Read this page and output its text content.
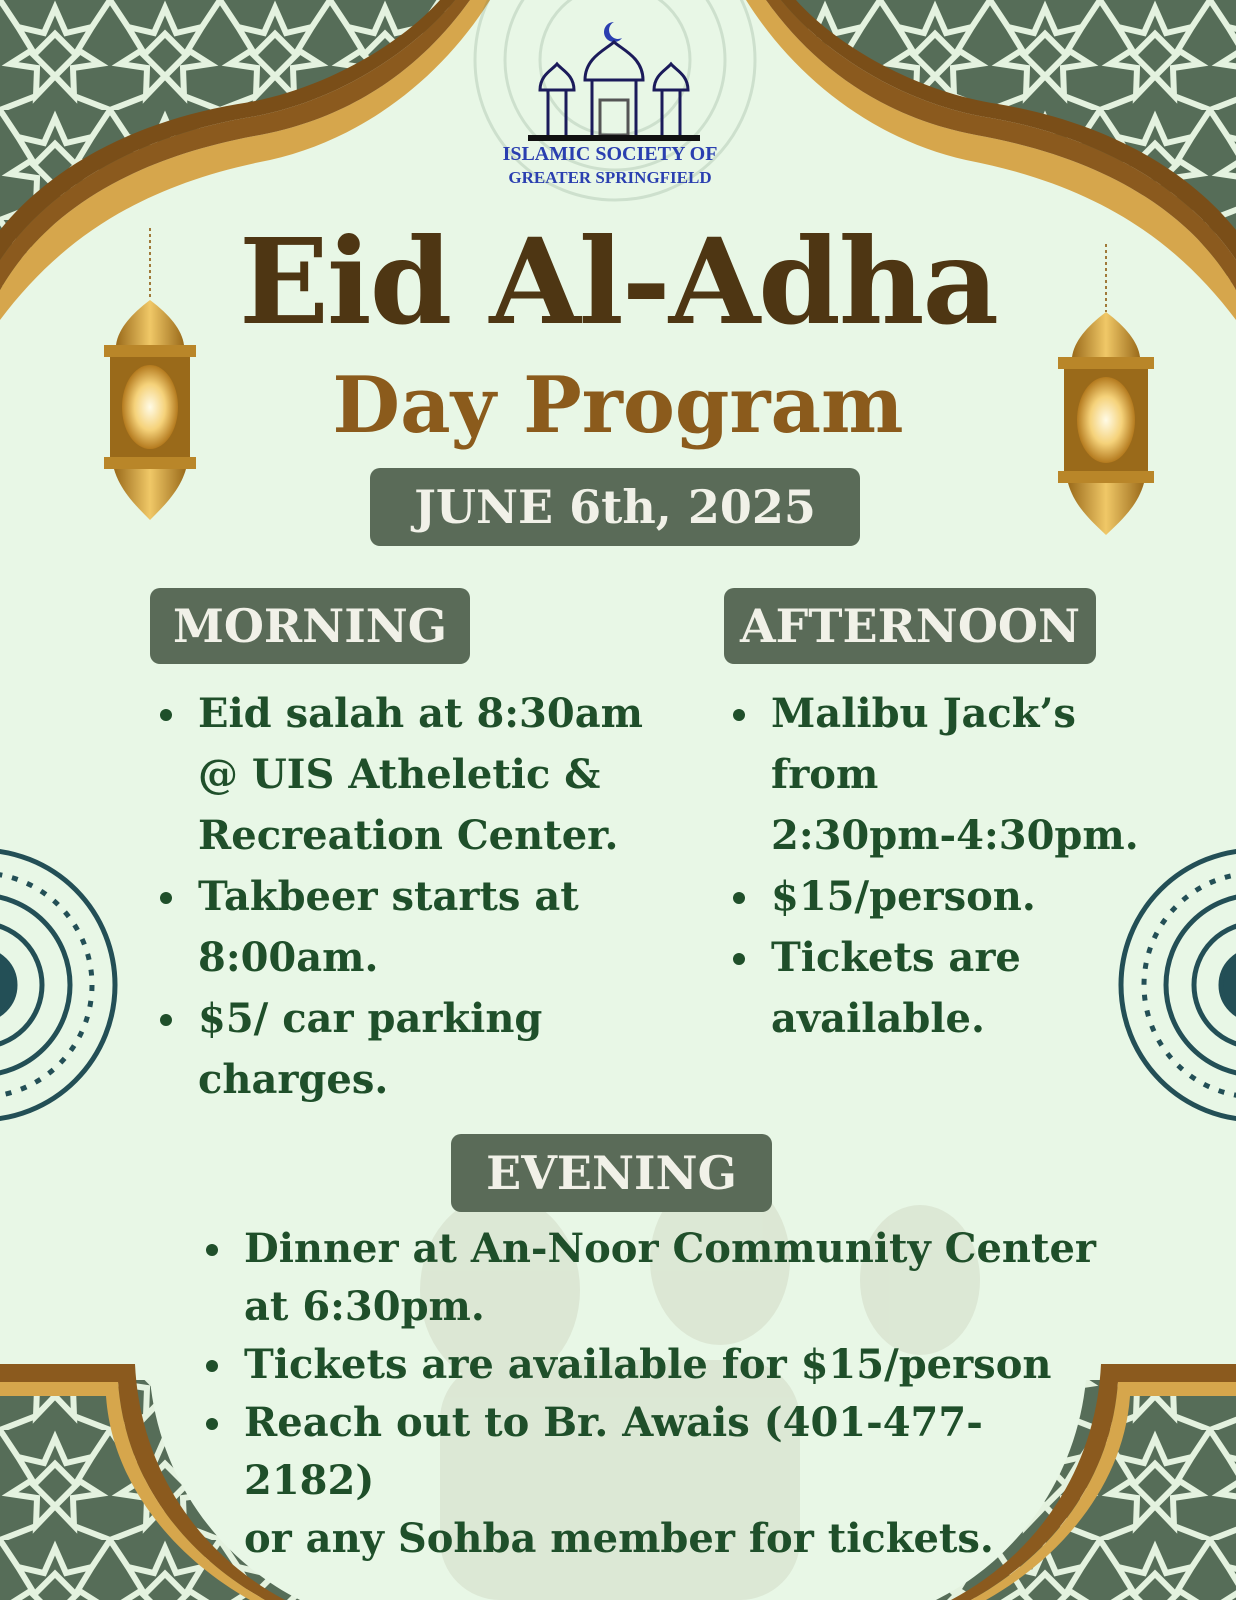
ISLAMIC SOCIETY OF
GREATER SPRINGFIELD
Eid Al-Adha
Day Program
JUNE 6th, 2025
MORNING
Eid salah at 8:30am
@ UIS Atheletic &
Recreation Center.
Takbeer starts at
8:00am.
$5/ car parking
charges.
AFTERNOON
Malibu Jack’s from
2:30pm-4:30pm.
$15/person.
Tickets are
available.
EVENING
Dinner at An-Noor Community Center
at 6:30pm.
Tickets are available for $15/person
Reach out to Br. Awais (401-477-2182)
or any Sohba member for tickets.
